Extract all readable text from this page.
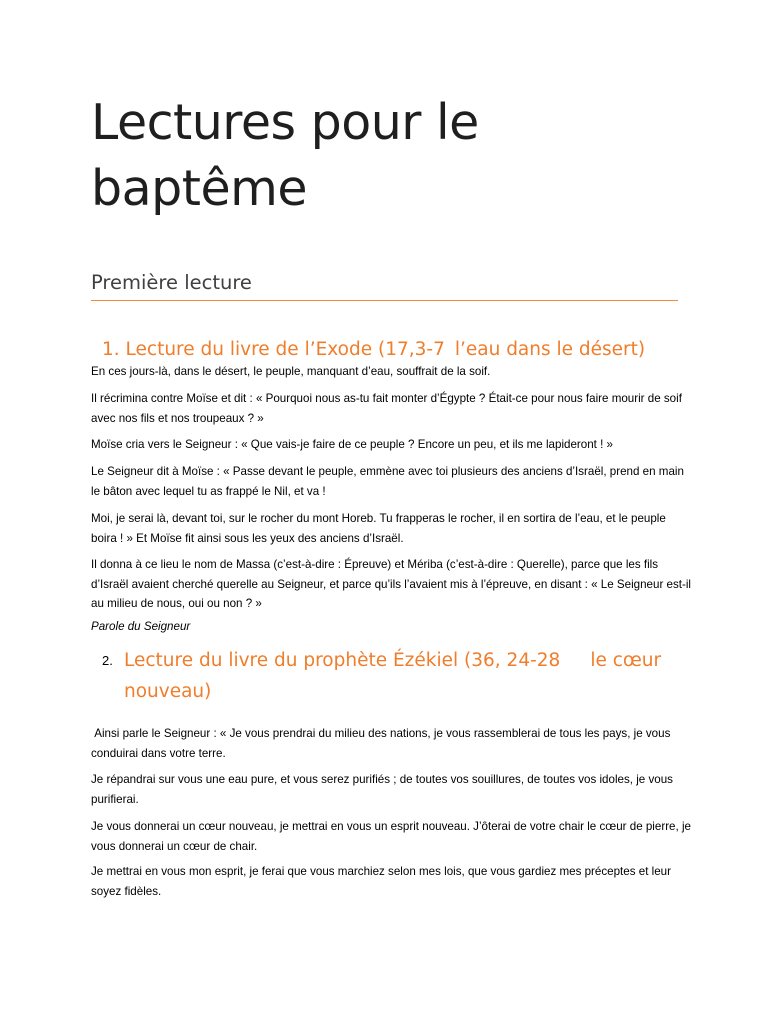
Lectures pour le baptême
Première lecture
1. Lecture du livre de l’Exode (17,3-7 l’eau dans le désert)

En ces jours-là, dans le désert, le peuple, manquant d’eau, souffrait de la soif.

Il récrimina contre Moïse et dit : « Pourquoi nous as-tu fait monter d’Égypte ? Était-ce pour nous faire mourir de soif avec nos fils et nos troupeaux ? »

Moïse cria vers le Seigneur : « Que vais-je faire de ce peuple ? Encore un peu, et ils me lapideront ! »

Le Seigneur dit à Moïse : « Passe devant le peuple, emmène avec toi plusieurs des anciens d’Israël, prend en main le bâton avec lequel tu as frappé le Nil, et va !

Moi, je serai là, devant toi, sur le rocher du mont Horeb. Tu frapperas le rocher, il en sortira de l’eau, et le peuple boira ! » Et Moïse fit ainsi sous les yeux des anciens d’Israël.

Il donna à ce lieu le nom de Massa (c’est-à-dire : Épreuve) et Mériba (c’est-à-dire : Querelle), parce que les fils d’Israël avaient cherché querelle au Seigneur, et parce qu’ils l’avaient mis à l’épreuve, en disant : « Le Seigneur est-il au milieu de nous, oui ou non ? »

Parole du Seigneur

2. Lecture du livre du prophète Ézékiel (36, 24-28 le cœur nouveau)

Ainsi parle le Seigneur : « Je vous prendrai du milieu des nations, je vous rassemblerai de tous les pays, je vous conduirai dans votre terre.

Je répandrai sur vous une eau pure, et vous serez purifiés ; de toutes vos souillures, de toutes vos idoles, je vous purifierai.

Je vous donnerai un cœur nouveau, je mettrai en vous un esprit nouveau. J’ôterai de votre chair le cœur de pierre, je vous donnerai un cœur de chair.

Je mettrai en vous mon esprit, je ferai que vous marchiez selon mes lois, que vous gardiez mes préceptes et leur soyez fidèles.
